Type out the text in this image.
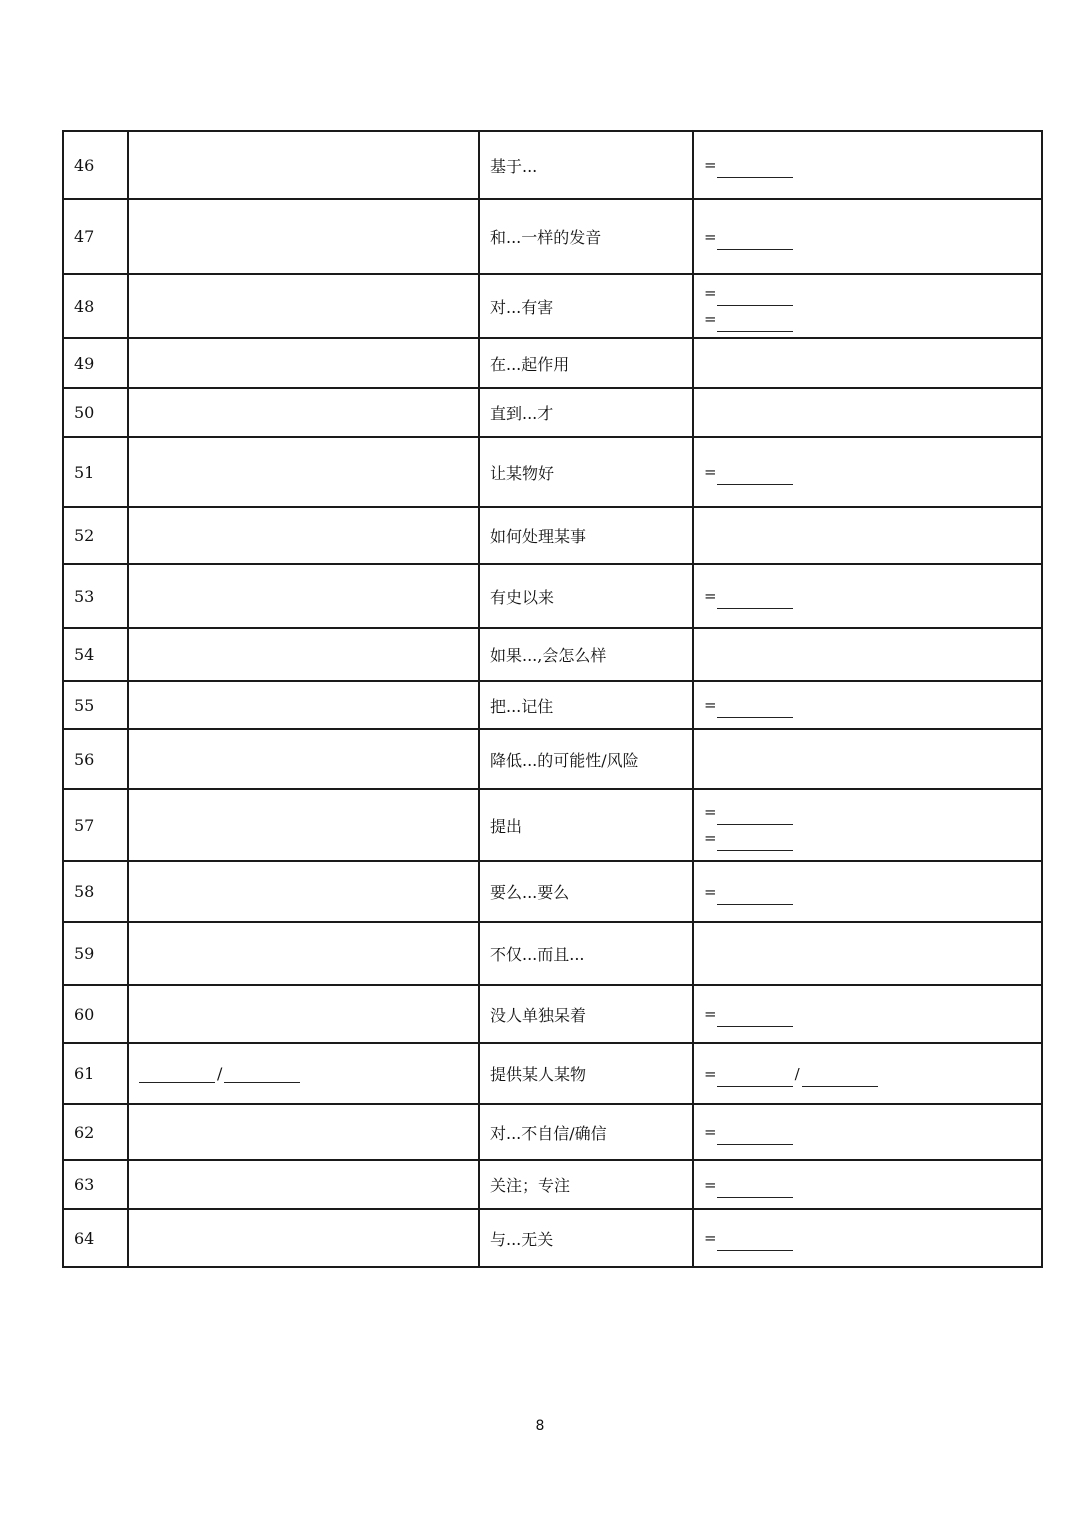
46		基于...	=

47		和...一样的发音	=

48		对...有害	=
=

49		在...起作用	
50		直到...才	
51		让某物好	=

52		如何处理某事	
53		有史以来	=

54		如果...,会怎么样	
55		把...记住	=

56		降低...的可能性/风险	
57		提出	=
=

58		要么...要么	=

59		不仅...而且...	
60		没人单独呆着	=

61	/	提供某人某物	= /

62		对...不自信/确信	=

63		关注；专注	=

64		与...无关	=
8
